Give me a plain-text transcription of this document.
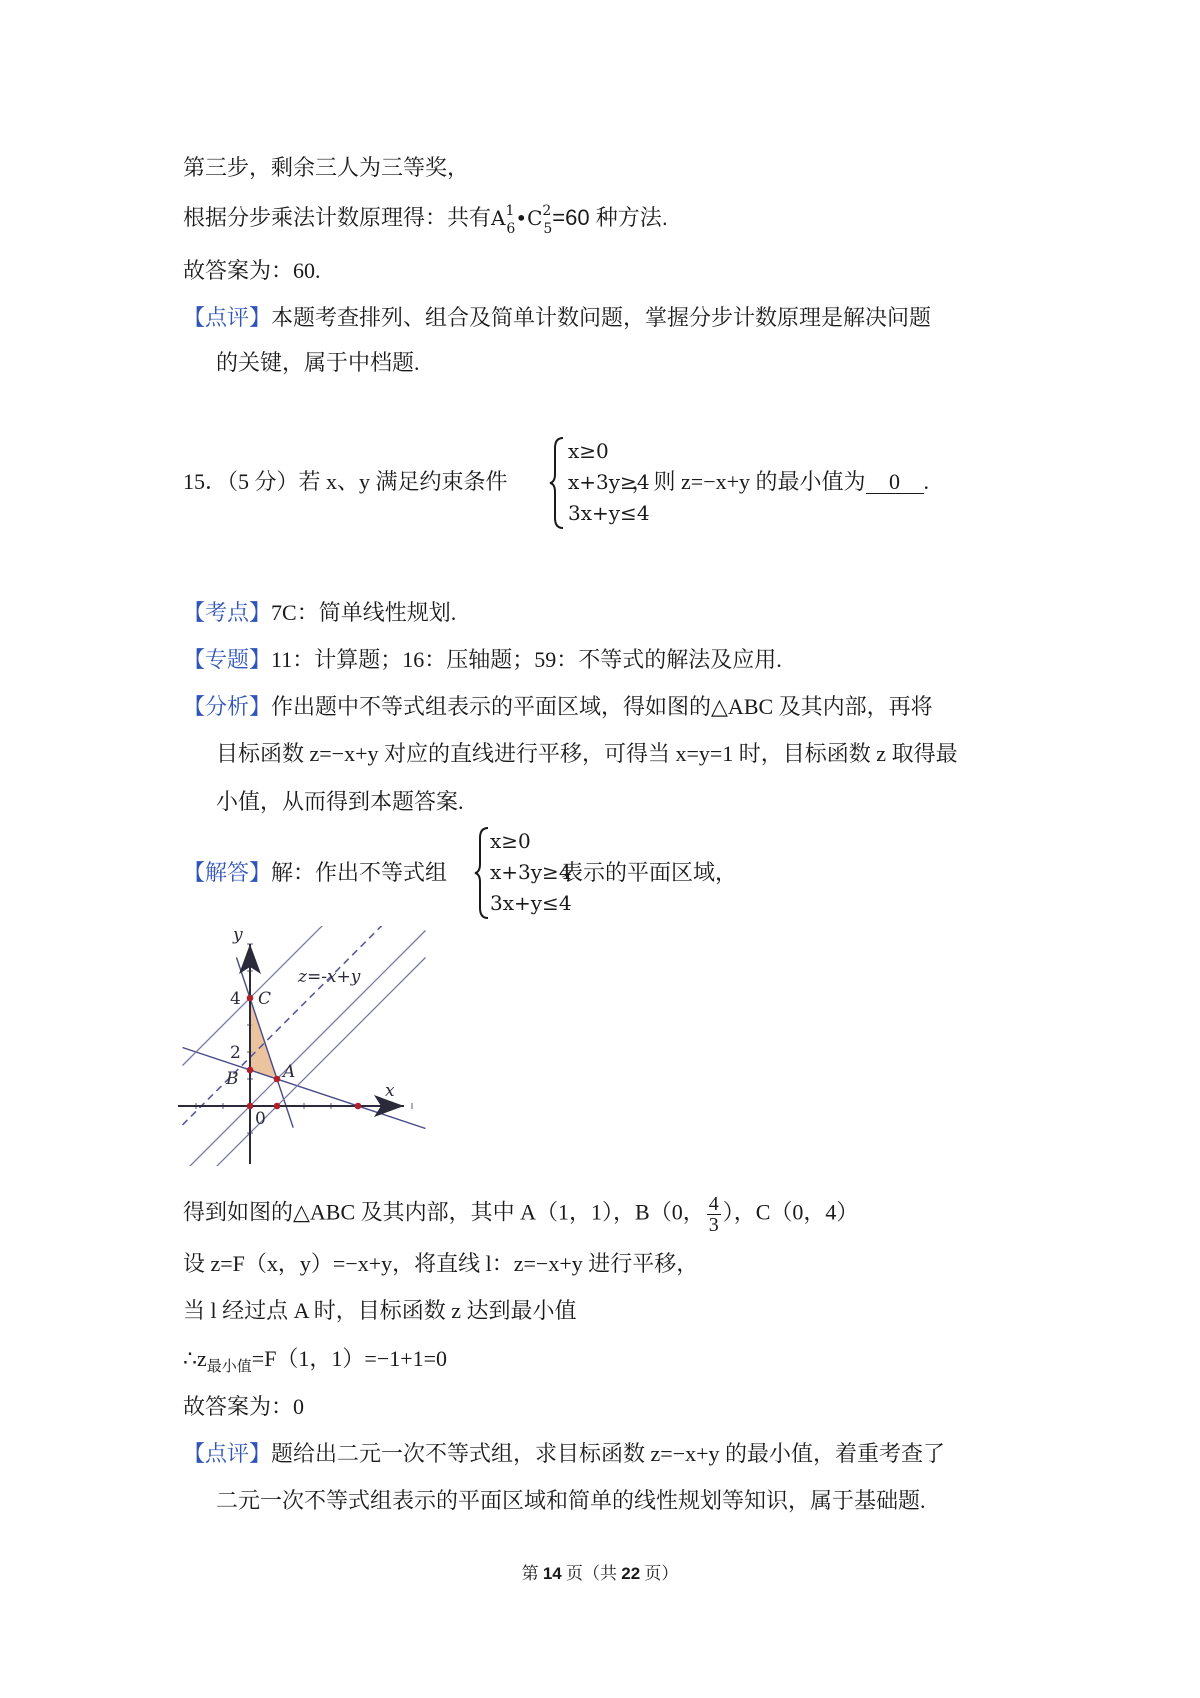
第三步，剩余三人为三等奖，
根据分步乘法计数原理得：共有$A^1_6•C^2_5=60$ 种方法.
故答案为：60.
【点评】本题考查排列、组合及简单计数问题，掌握分步计数原理是解决问题
的关键，属于中档题.
15．（5 分）若 x、y 满足约束条件	，则 z=−x+y 的最小值为 0 .
x≥0
x+3y≥4
3x+y≤4
【考点】7C：简单线性规划.
【专题】11：计算题；16：压轴题；59：不等式的解法及应用.
【分析】作出题中不等式组表示的平面区域，得如图的△ABC 及其内部，再将
目标函数 z=−x+y 对应的直线进行平移，可得当 x=y=1 时，目标函数 z 取得最
小值，从而得到本题答案.
【解答】解：作出不等式组	表示的平面区域，
x≥0
x+3y≥4
3x+y≤4
y
x
0
4
2
C
B	A
z=-x+y
得到如图的△ABC 及其内部，其中 A（1，1），B（0， $\frac{4}{3}$ ），C（0，4）
设 z=F（x，y）=−x+y，将直线 l：z=−x+y 进行平移，
当 l 经过点 A 时，目标函数 z 达到最小值
$\therefore z_{最小值}=F(1$，1）=−1+1=0
故答案为：0
【点评】题给出二元一次不等式组，求目标函数 z=−x+y 的最小值，着重考查了
二元一次不等式组表示的平面区域和简单的线性规划等知识，属于基础题.
第 14 页（共 22 页）
